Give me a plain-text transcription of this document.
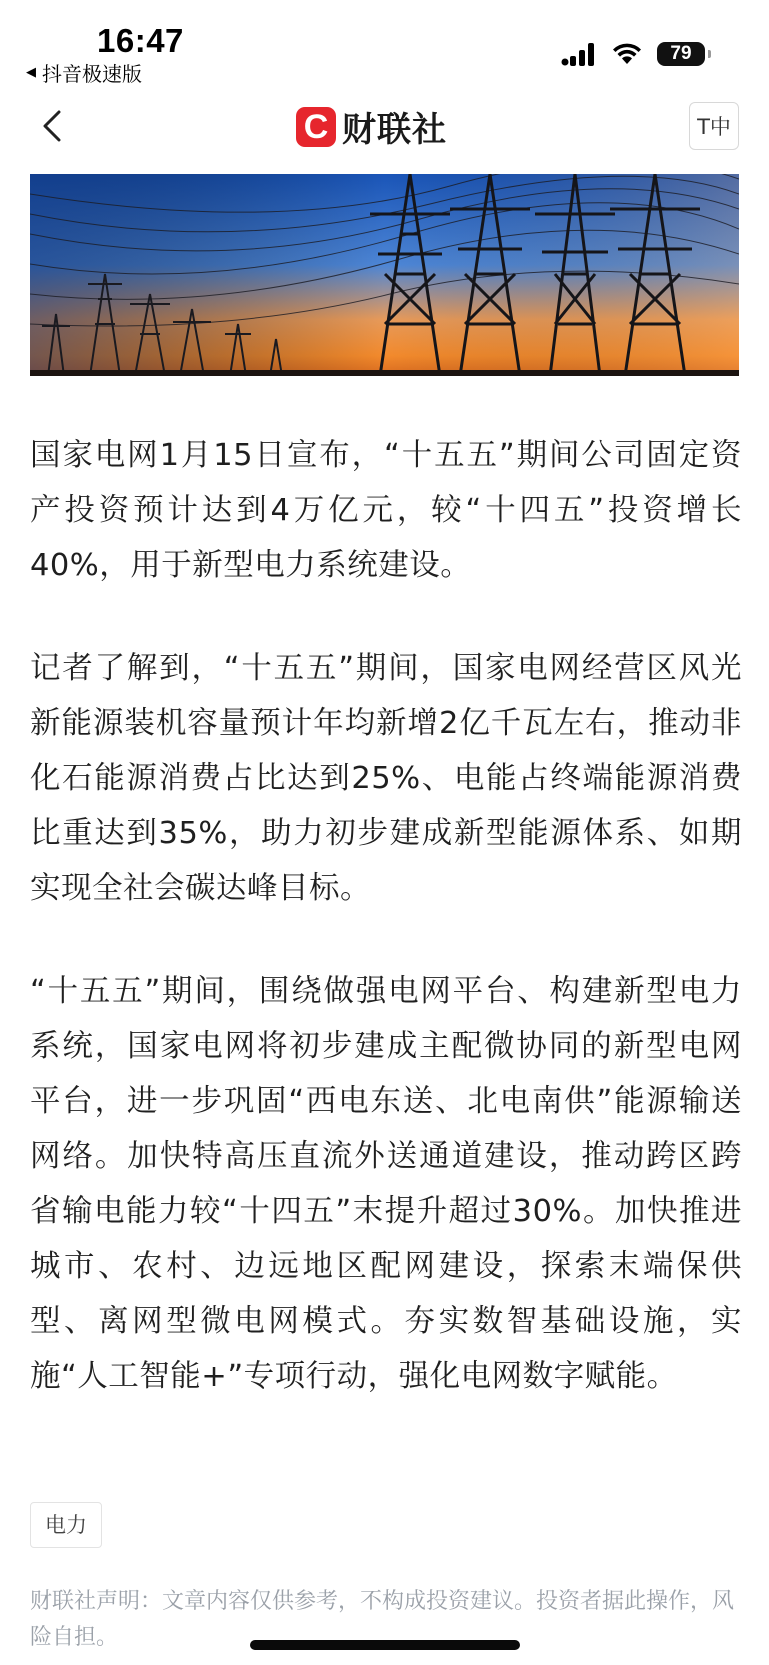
16:47
◀ 抖音极速版
79
C 财联社	T中

国家电网1月15日宣布，“十五五”期间公司固定资产投资预计达到4万亿元，较“十四五”投资增长40%，用于新型电力系统建设。

记者了解到，“十五五”期间，国家电网经营区风光新能源装机容量预计年均新增2亿千瓦左右，推动非化石能源消费占比达到25%、电能占终端能源消费比重达到35%，助力初步建成新型能源体系、如期实现全社会碳达峰目标。

“十五五”期间，围绕做强电网平台、构建新型电力系统，国家电网将初步建成主配微协同的新型电网平台，进一步巩固“西电东送、北电南供”能源输送网络。加快特高压直流外送通道建设，推动跨区跨省输电能力较“十四五”末提升超过30%。加快推进城市、农村、边远地区配网建设，探索末端保供型、离网型微电网模式。夯实数智基础设施，实施“人工智能+”专项行动，强化电网数字赋能。

电力
财联社声明：文章内容仅供参考，不构成投资建议。投资者据此操作，风险自担。
